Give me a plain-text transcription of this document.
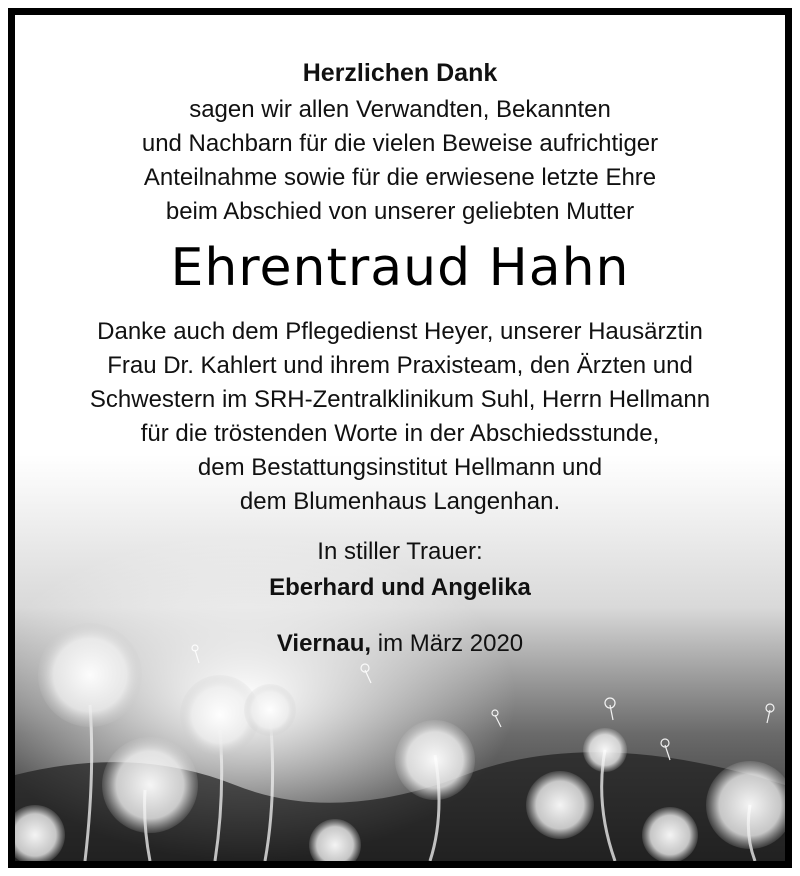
Herzlichen Dank
sagen wir allen Verwandten, Bekannten
und Nachbarn für die vielen Beweise aufrichtiger
Anteilnahme sowie für die erwiesene letzte Ehre
beim Abschied von unserer geliebten Mutter
Ehrentraud Hahn
Danke auch dem Pflegedienst Heyer, unserer Hausärztin
Frau Dr. Kahlert und ihrem Praxisteam, den Ärzten und
Schwestern im SRH-Zentralklinikum Suhl, Herrn Hellmann
für die tröstenden Worte in der Abschiedsstunde,
dem Bestattungsinstitut Hellmann und
dem Blumenhaus Langenhan.
In stiller Trauer:
Eberhard und Angelika
Viernau, im März 2020
